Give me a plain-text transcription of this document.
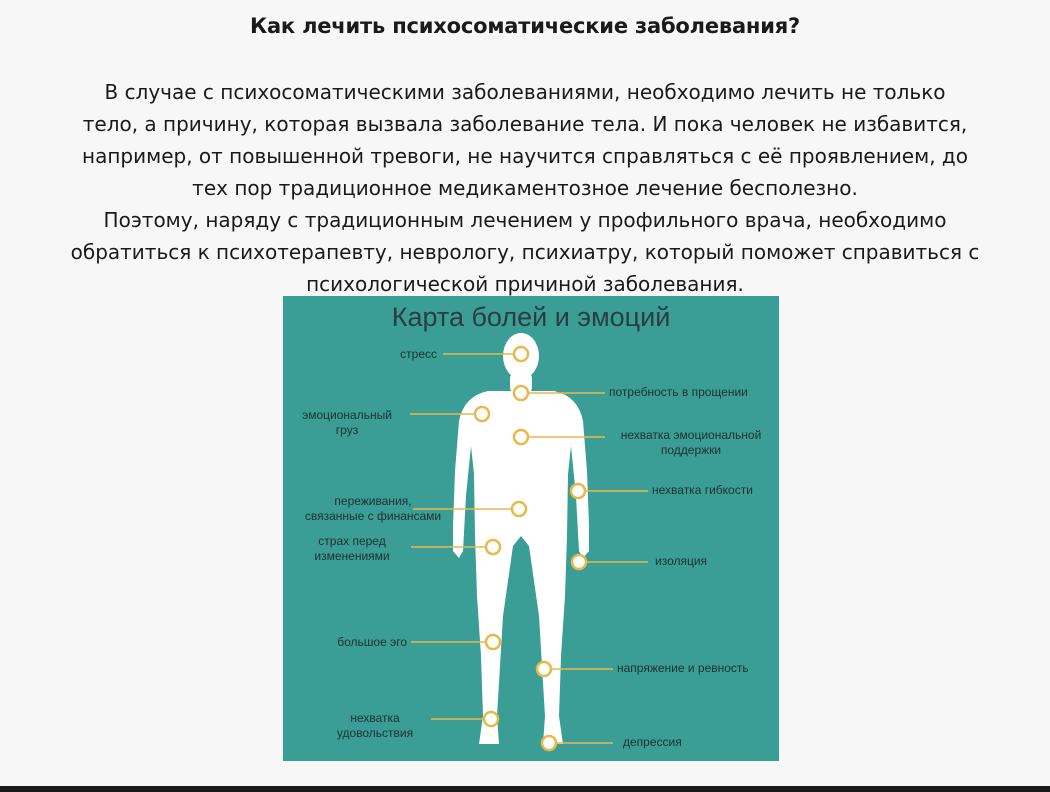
Как лечить психосоматические заболевания?
В случае с психосоматическими заболеваниями, необходимо лечить не только
тело, а причину, которая вызвала заболевание тела. И пока человек не избавится,
например, от повышенной тревоги, не научится справляться с её проявлением, до
тех пор традиционное медикаментозное лечение бесполезно.
Поэтому, наряду с традиционным лечением у профильного врача, необходимо
обратиться к психотерапевту, неврологу, психиатру, который поможет справиться с
психологической причиной заболевания.
Карта болей и эмоций
стресс
потребность в прощении
эмоциональный
груз	нехватка эмоциональной
поддержки
нехватка гибкости
переживания,
связанные с финансами
страх перед
изменениями	изоляция
большое эго
напряжение и ревность
нехватка
удовольствия
депрессия
